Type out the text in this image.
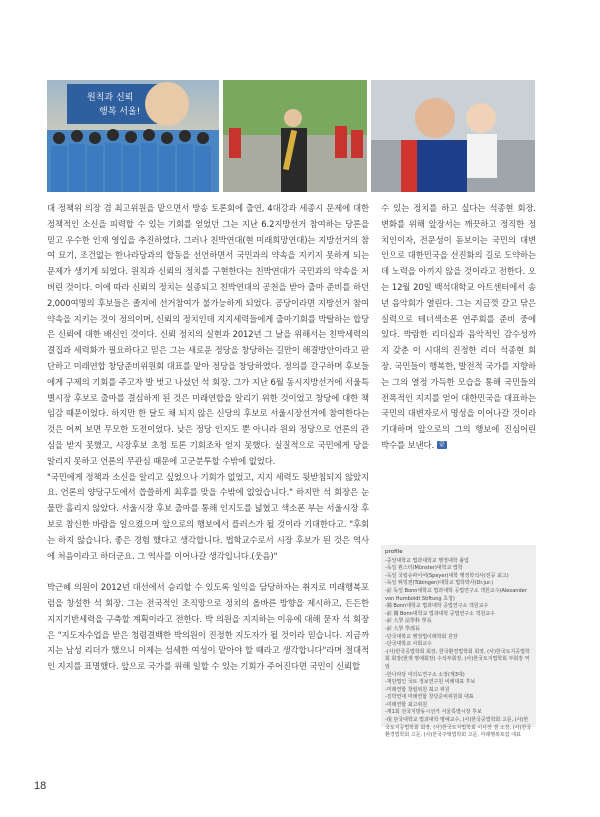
원칙과 신뢰
행복 서울!

대 정책위 의장 겸 최고위원을 맡으면서 방송 토론회에 출연, 4대강과 세종시 문제에 대한 정책적인 소신을 피력할 수 있는 기회를 얻었던 그는 지난 6.2지방선거 참여하는 당론을 믿고 우수한 인재 영입을 추진하였다. 그러나 친박연대(현 미래희망연대)는 지방선거의 참여 묘기, 조건없는 한나라당과의 합동을 선언하면서 국민과의 약속을 지키지 못하게 되는 문제가 생기게 되었다. 원칙과 신뢰의 정치를 구현한다는 친박연대가 국민과의 약속을 저버린 것이다. 이에 따라 신뢰의 정치는 실종되고 친박연대의 공천을 받아 출마 준비를 하던 2,000여명의 후보들은 졸지에 선거참여가 불가능하게 되었다. 공당이라면 지방선거 참여 약속을 지키는 것이 정의이며, 신뢰의 정치인데 지지세력들에게 출마기회를 박탈하는 합당은 신뢰에 대한 배신인 것이다. 신뢰 정치의 실현과 2012년 그 날을 위해서는 친박세력의 결집과 세력화가 필요하다고 믿은 그는 새로운 정당을 창당하는 길만이 해결방안이라고 판단하고 미래연합 창당준비위원회 대표를 맡아 정당을 창당하였다. 정의를 갈구하며 후보들에게 구제의 기회를 주고자 발 벗고 나섰던 석 회장. 그가 지난 6월 동시지방선거에 서울특별시장 후보로 출마를 결심하게 된 것은 미래연합을 알리기 위한 것이었고 창당에 대한 책임감 때문이었다. 하지만 한 달도 채 되지 않은 신당의 후보로 서울시장선거에 참여한다는 것은 어찌 보면 무모한 도전이었다. 낮은 정당 인지도 뿐 아니라 원외 정당으로 언론의 관심을 받지 못했고, 시장후보 초청 토론 기회조차 얻지 못했다. 실질적으로 국민에게 당을 알리지 못하고 언론의 무관심 때문에 고군분투할 수밖에 없었다.

"국민에게 정책과 소신을 알리고 싶었으나 기회가 없었고, 지지 세력도 뒷받침되지 않았지요. 언론의 양당구도에서 씁쓸하게 최후를 맞을 수밖에 없었습니다." 하지만 석 회장은 눈물만 흘리지 않았다. 서울시장 후보 출마를 통해 인지도를 넓혔고 색소폰 부는 서울시장 후보로 참신한 바람을 일으켰으며 앞으로의 행보에서 플러스가 될 것이라 기대한다고. "후회는 하지 않습니다. 좋은 경험 했다고 생각합니다. 법학교수로서 시장 후보가 된 것은 역사에 처음이라고 하더군요. 그 역사를 이어나갈 생각입니다.(웃음)"

박근혜 의원이 2012년 대선에서 승리할 수 있도록 일익을 담당하자는 취지로 미래행복포럼을 창설한 석 회장. 그는 전국적인 조직망으로 정치의 올바른 방향을 제시하고, 든든한 지지기반세력을 구축할 계획이라고 전한다. 박 의원을 지지하는 이유에 대해 묻자 석 회장은 "지도자수업을 받은 청렴결백한 박의원이 진정한 지도자가 될 것이라 믿습니다. 지금까지는 남성 리더가 했으니 이제는 섬세한 여성이 맡아야 할 때라고 생각합니다"라며 절대적인 지지를 표명했다. 앞으로 국가를 위해 일할 수 있는 기회가 주어진다면 국민이 신뢰할

수 있는 정치를 하고 싶다는 석종현 회장. 변화를 위해 앞장서는 깨끗하고 정직한 정치인이자, 전문성이 돋보이는 국민의 대변인으로 대한민국을 선진화의 길로 도약하는 데 노력을 아끼지 않을 것이라고 전한다. 오는 12월 20일 백석대학교 아트센터에서 송년 음악회가 열린다. 그는 지금껏 갈고 닦은 실력으로 테너색소폰 연주회를 준비 중에 있다. 박람한 리더십과 음악적인 감수성까지 갖춘 이 시대의 진정한 리더 석종현 회장. 국민들이 행복한, 발전적 국가를 지향하는 그의 열정 가득한 모습을 통해 국민들의 전폭적인 지지를 얻어 대한민국을 대표하는 국민의 대변자로서 명성을 이어나갈 것이라 기대하며 앞으로의 그의 행보에 진심어린 박수를 보낸다. 끝

profile
-중앙대학교 법과대학교 행정대학 졸업
-독일 뮌스터(Münster)대학교 법학
-독일 국립슈파이어(Speyer)대학 행정학석사(전공 최고)
-독일 튀빙겐(Tübingen)대학교 법학박사(Dr.jur.)
-前 독일 Bonn대학교 법과대학 공법연구소 객원교수(Alexander von Humboldt Stiftung 초청)
-獨 Bonn대학교 법과대학 공법연구소 객원교수
-前 獨 Bonn대학교 법과대학 공법연구소 객원교수
-前 大學 法學科 學長
-前 大學 學部長
-단국대학교 행정법이래학회 원장
-단국대학교 사회교수
-(사)한국공법학회 회장, 한국환경법학회 회장, (사)한국토지공법학회 회장(현재 명예회장) 수석부회장, (사)한국토지법학회 부회장 역임
-한나라당 여의도연구소 소장(제3대)
-재단법인 국토 정보연구원 비례대표 후보
-미래연합 창립위원 최고 위원
-친박연대 미래연합 창당준비위원회 대표
-미래연합 최고위원
-제1회 전국지방동시선거 서울특별시장 후보
-現 단국대학교 법과대학 명예교수, (사)한국공법학회 고문, (사)한국토지공법학회 회장, (사)한국토지법학회 이사장 겸 소장, (사)한국환경법학회 고문, (사)한국주택법학회 고문, 미래행복포럼 대표
18
